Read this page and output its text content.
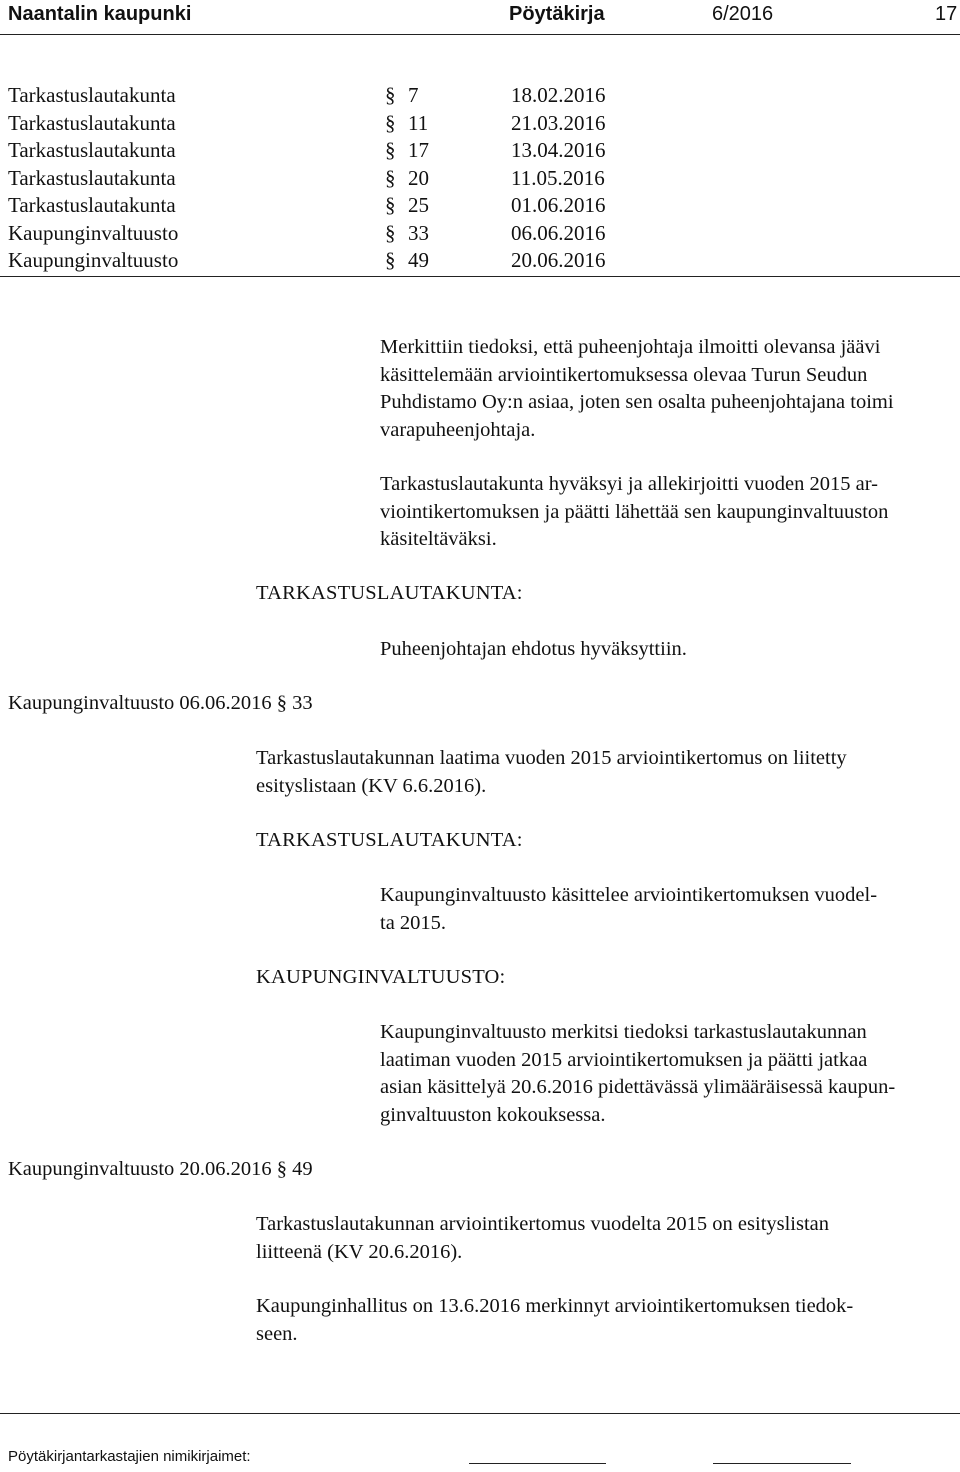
Naantalin kaupunki	Pöytäkirja	6/2016	17
Tarkastuslautakunta	§ 7	18.02.2016
Tarkastuslautakunta	§ 11	21.03.2016
Tarkastuslautakunta	§ 17	13.04.2016
Tarkastuslautakunta	§ 20	11.05.2016
Tarkastuslautakunta	§ 25	01.06.2016
Kaupunginvaltuusto	§ 33	06.06.2016
Kaupunginvaltuusto	§ 49	20.06.2016
Merkittiin tiedoksi, että puheenjohtaja ilmoitti olevansa jäävi
käsittelemään arviointikertomuksessa olevaa Turun Seudun
Puhdistamo Oy:n asiaa, joten sen osalta puheenjohtajana toimi
varapuheenjohtaja.
Tarkastuslautakunta hyväksyi ja allekirjoitti vuoden 2015 ar-
viointikertomuksen ja päätti lähettää sen kaupunginvaltuuston
käsiteltäväksi.
TARKASTUSLAUTAKUNTA:
Puheenjohtajan ehdotus hyväksyttiin.
Kaupunginvaltuusto 06.06.2016 § 33
Tarkastuslautakunnan laatima vuoden 2015 arviointikertomus on liitetty
esityslistaan (KV 6.6.2016).
TARKASTUSLAUTAKUNTA:
Kaupunginvaltuusto käsittelee arviointikertomuksen vuodel-
ta 2015.
KAUPUNGINVALTUUSTO:
Kaupunginvaltuusto merkitsi tiedoksi tarkastuslautakunnan
laatiman vuoden 2015 arviointikertomuksen ja päätti jatkaa
asian käsittelyä 20.6.2016 pidettävässä ylimääräisessä kaupun-
ginvaltuuston kokouksessa.
Kaupunginvaltuusto 20.06.2016 § 49
Tarkastuslautakunnan arviointikertomus vuodelta 2015 on esityslistan
liitteenä (KV 20.6.2016).
Kaupunginhallitus on 13.6.2016 merkinnyt arviointikertomuksen tiedok-
seen.
Pöytäkirjantarkastajien nimikirjaimet:
